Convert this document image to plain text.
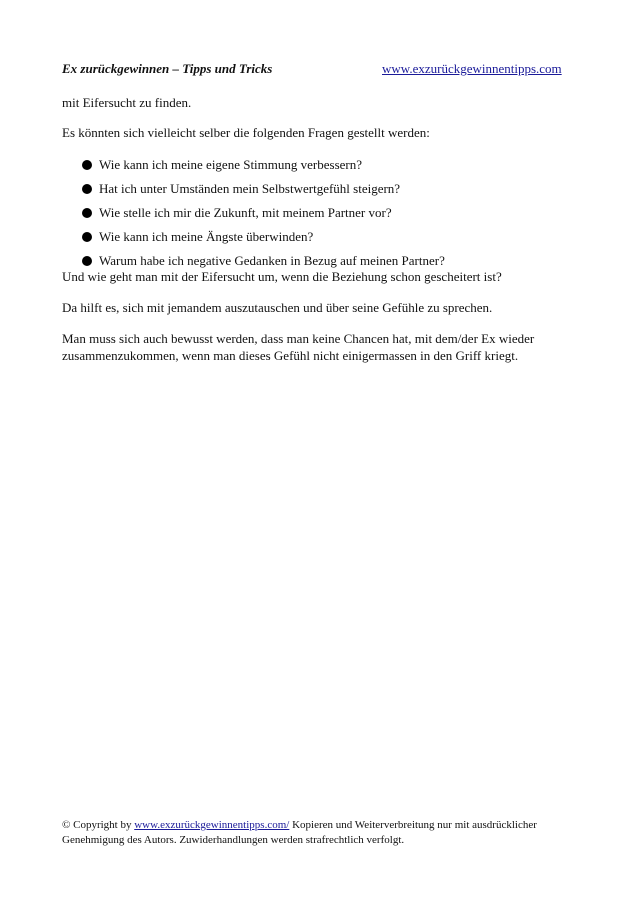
Ex zurückgewinnen – Tipps und Tricks	www.exzurückgewinnentipps.com
mit Eifersucht zu finden.
Es könnten sich vielleicht selber die folgenden Fragen gestellt werden:
Wie kann ich meine eigene Stimmung verbessern?
Hat ich unter Umständen mein Selbstwertgefühl steigern?
Wie stelle ich mir die Zukunft, mit meinem Partner vor?
Wie kann ich meine Ängste überwinden?
Warum habe ich negative Gedanken in Bezug auf meinen Partner?
Und wie geht man mit der Eifersucht um, wenn die Beziehung schon gescheitert ist?
Da hilft es, sich mit jemandem auszutauschen und über seine Gefühle zu sprechen.
Man muss sich auch bewusst werden, dass man keine Chancen hat, mit dem/der Ex wieder
zusammenzukommen, wenn man dieses Gefühl nicht einigermassen in den Griff kriegt.
© Copyright by www.exzurückgewinnentipps.com/ Kopieren und Weiterverbreitung nur mit ausdrücklicher
Genehmigung des Autors. Zuwiderhandlungen werden strafrechtlich verfolgt.
